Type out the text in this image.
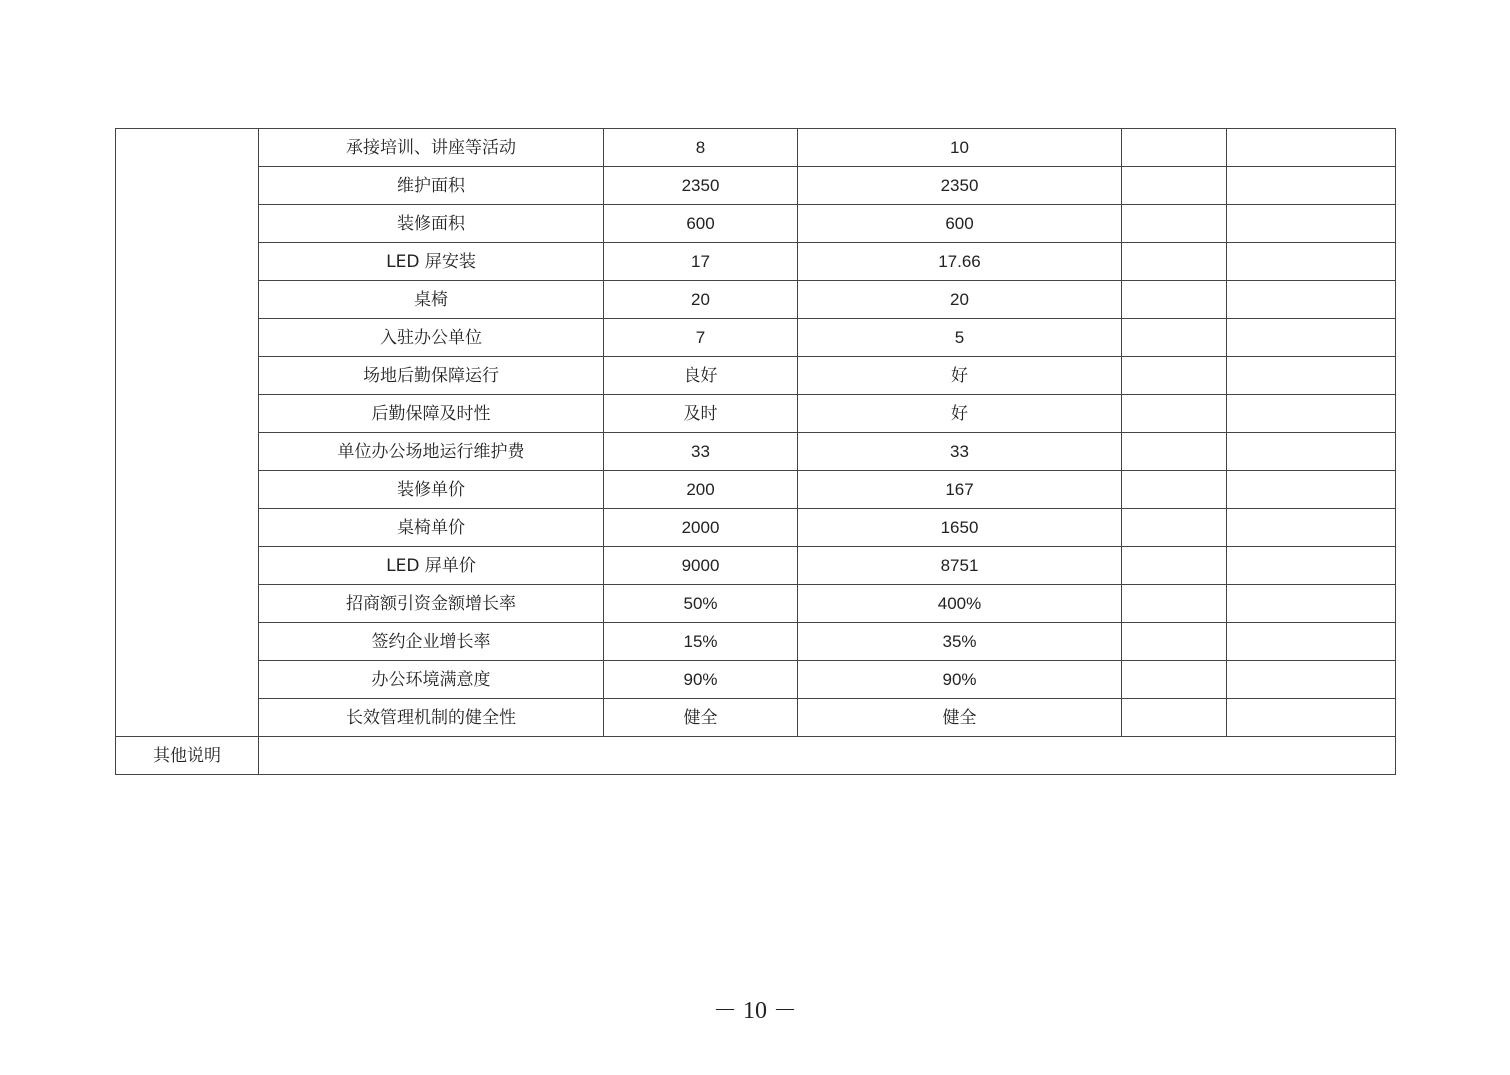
	承接培训、讲座等活动	8	10		
	维护面积	2350	2350		
	装修面积	600	600		
	LED 屏安装	17	17.66		
	桌椅	20	20		
	入驻办公单位	7	5		
	场地后勤保障运行	良好	好		
	后勤保障及时性	及时	好		
	单位办公场地运行维护费	33	33		
	装修单价	200	167		
	桌椅单价	2000	1650		
	LED 屏单价	9000	8751		
	招商额引资金额增长率	50%	400%		
	签约企业增长率	15%	35%		
	办公环境满意度	90%	90%		
	长效管理机制的健全性	健全	健全		
其他说明					
－ 10 －
